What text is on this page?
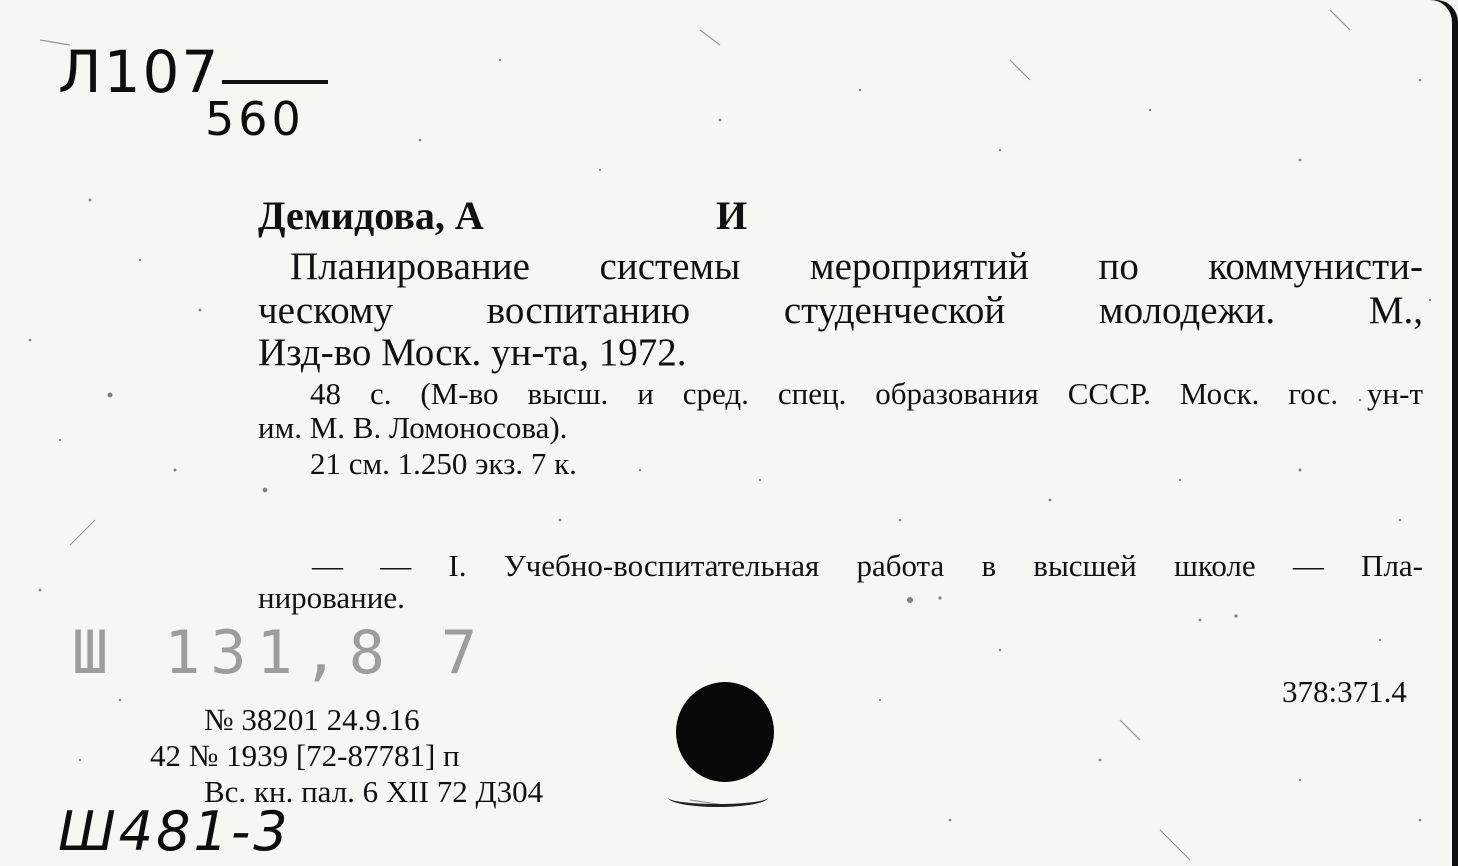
Л107
560
Демидова, А	И
Планирование системы мероприятий по коммунисти-
ческому воспитанию студенческой молодежи. М.,
Изд-во Моск. ун-та, 1972.
48 с. (М-во высш. и сред. спец. образования СССР. Моск. гос. ун-т
им. М. В. Ломоносова).
21 см. 1.250 экз. 7 к.
— — I. Учебно-воспитательная работа в высшей школе — Пла-
нирование.
Ш 131,8 7
378:371.4
№ 38201 24.9.16
42 № 1939 [72-87781] п
Вс. кн. пал. 6 XII 72 Д304
Ш481-3
